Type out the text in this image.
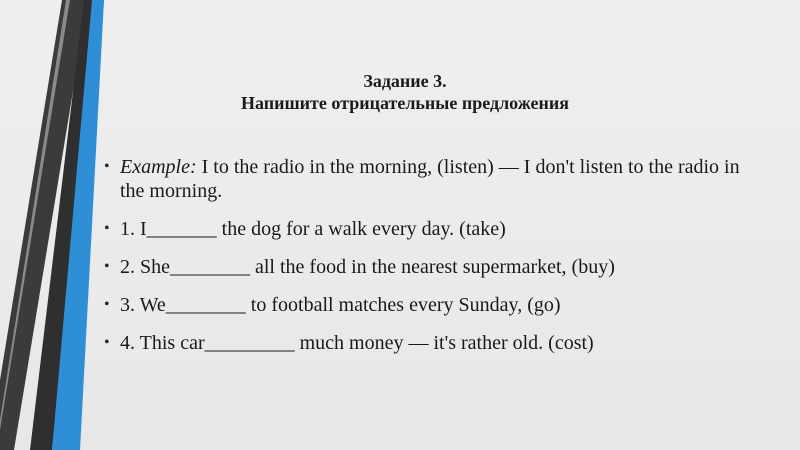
Задание 3.
Напишите отрицательные предложения
• Example: I to the radio in the morning, (listen) — I don't listen to the radio in the morning.
• 1. I_______ the dog for a walk every day. (take)
• 2. She________ all the food in the nearest supermarket, (buy)
• 3. We________ to football matches every Sunday, (go)
• 4. This car_________ much money — it's rather old. (cost)
